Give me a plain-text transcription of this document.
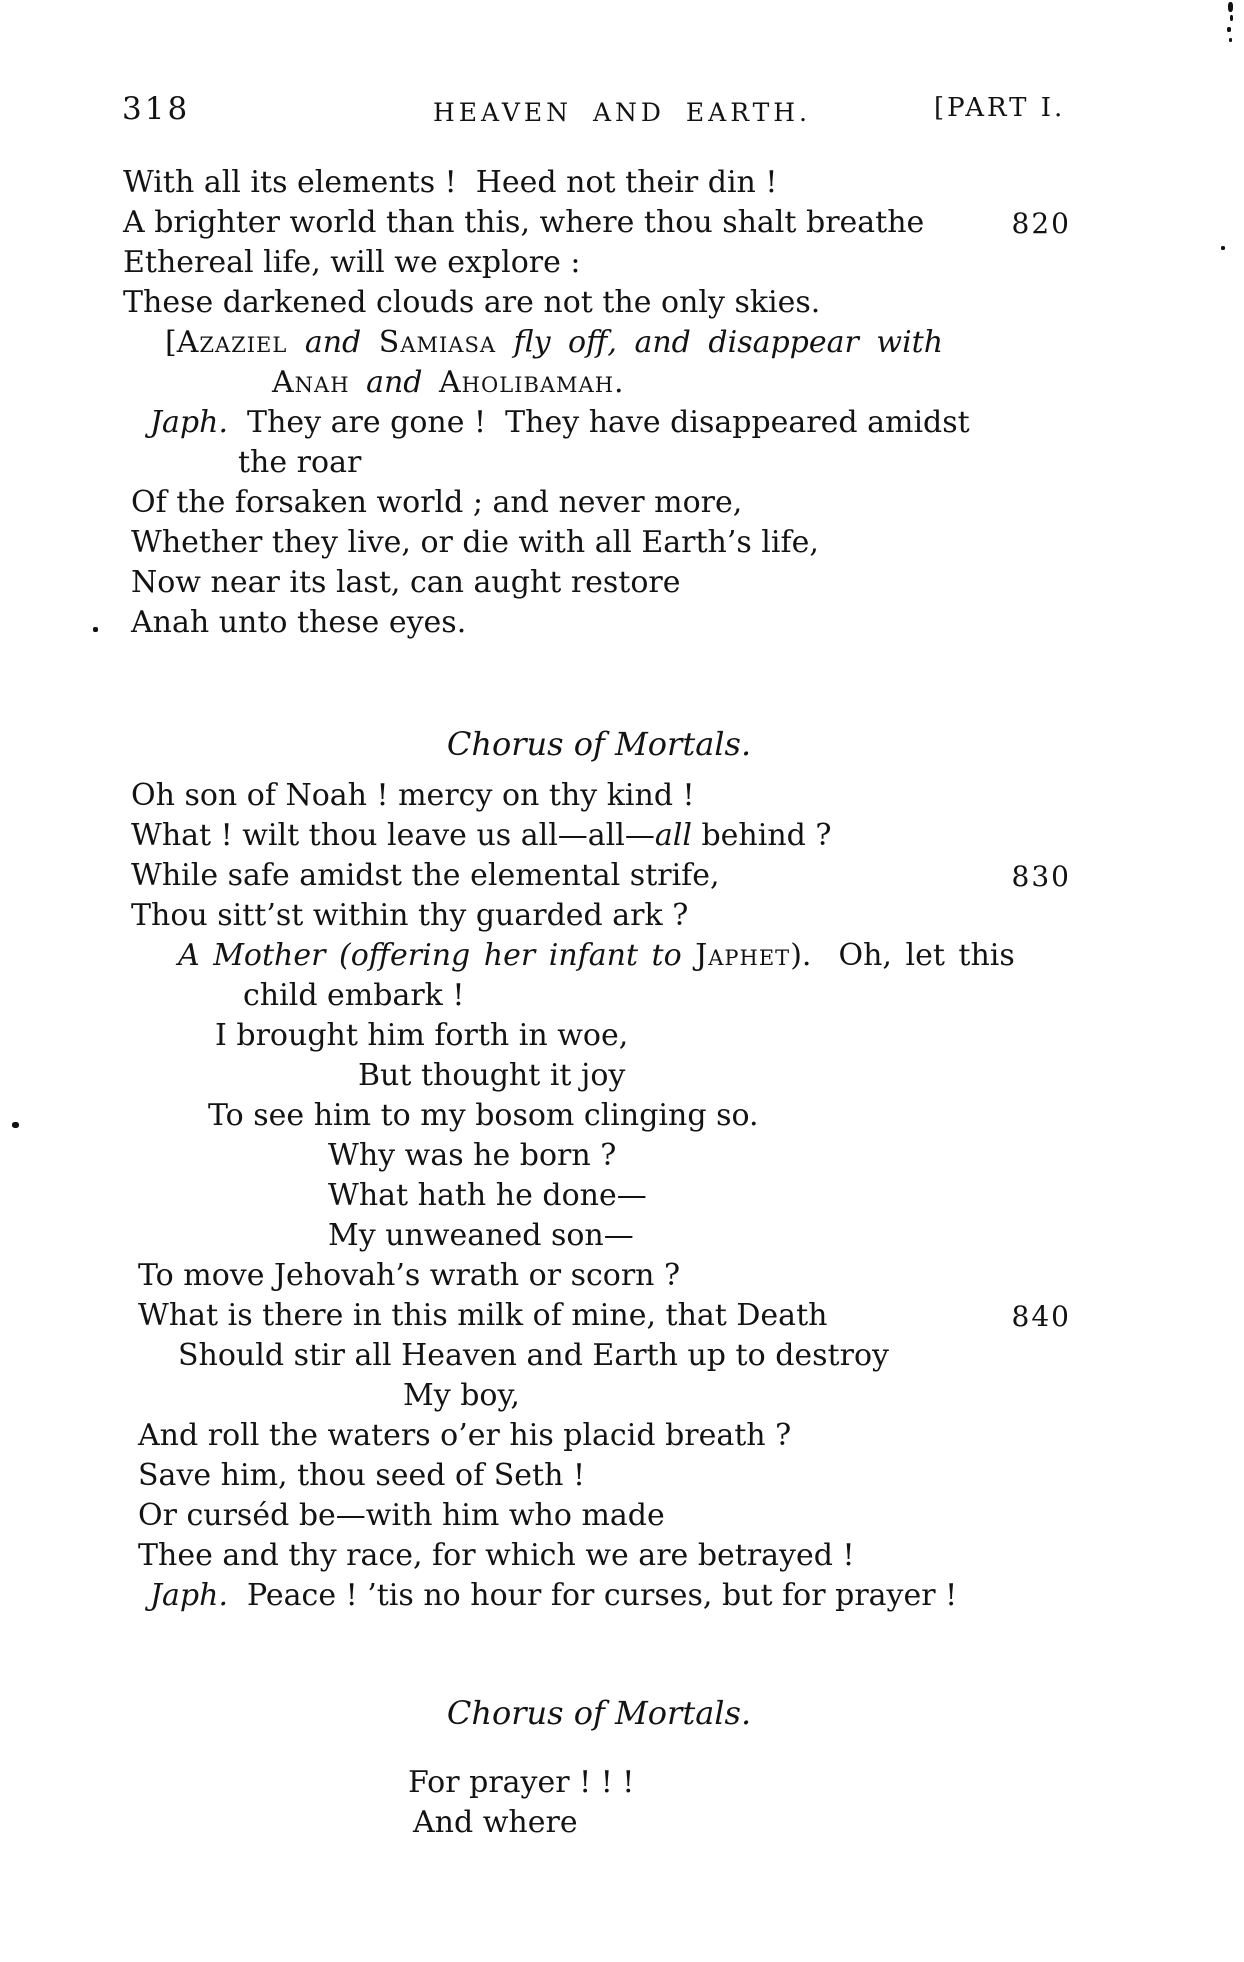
318	HEAVEN AND EARTH.	[PART I.
With all its elements !  Heed not their din !
A brighter world than this, where thou shalt breathe	820
Ethereal life, will we explore :
These darkened clouds are not the only skies.
[Azaziel and Samiasa fly off, and disappear with
Anah and Aholibamah.
Japh.  They are gone !  They have disappeared amidst
the roar
Of the forsaken world ; and never more,
Whether they live, or die with all Earth’s life,
Now near its last, can aught restore
Anah unto these eyes.
Chorus of Mortals.
Oh son of Noah ! mercy on thy kind !
What ! wilt thou leave us all—all—all behind ?
While safe amidst the elemental strife,	830
Thou sitt’st within thy guarded ark ?
A Mother (offering her infant to Japhet).  Oh, let this
child embark !
I brought him forth in woe,
But thought it joy
To see him to my bosom clinging so.
Why was he born ?
What hath he done—
My unweaned son—
To move Jehovah’s wrath or scorn ?
What is there in this milk of mine, that Death	840
Should stir all Heaven and Earth up to destroy
My boy,
And roll the waters o’er his placid breath ?
Save him, thou seed of Seth !
Or curséd be—with him who made
Thee and thy race, for which we are betrayed !
Japh.  Peace ! ’tis no hour for curses, but for prayer !
Chorus of Mortals.
For prayer ! ! !
And where
